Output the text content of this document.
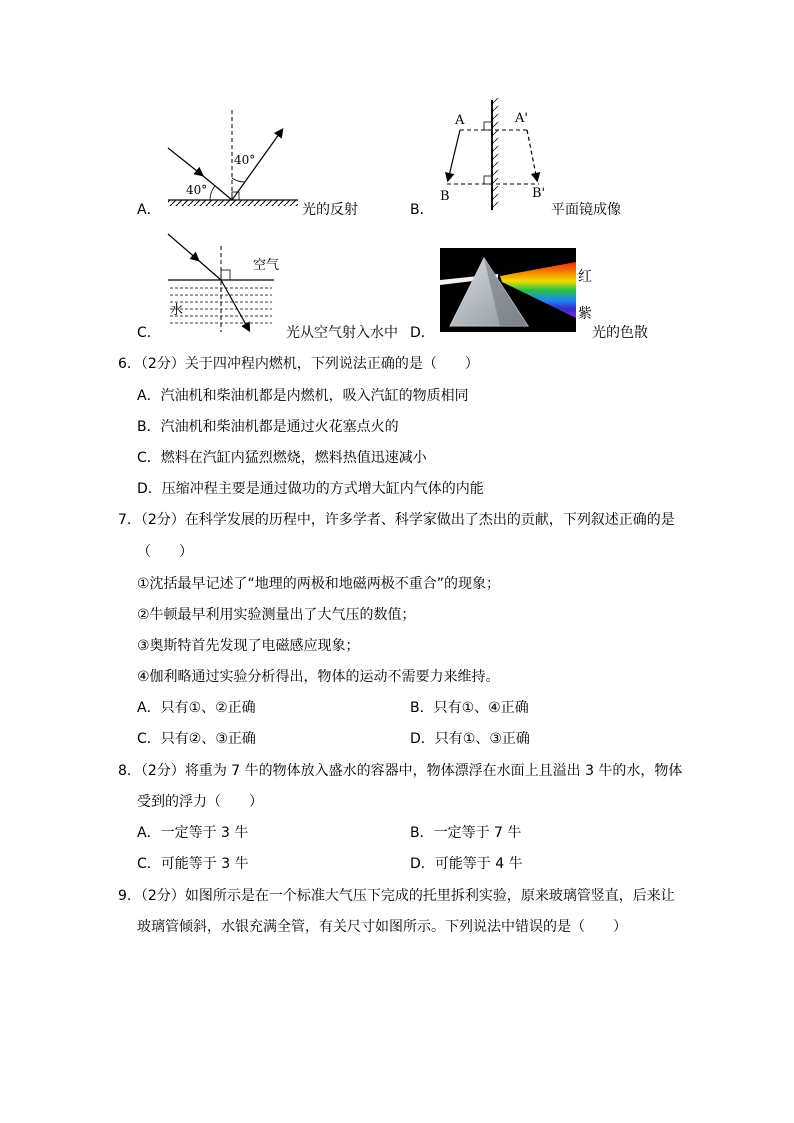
A．
40°
40°
光的反射	B．
A	A'
B	B'
平面镜成像
C．
空气
水
光从空气射入水中 D．
红
紫
光的色散
6．（2分）关于四冲程内燃机，下列说法正确的是（　　）
A．汽油机和柴油机都是内燃机，吸入汽缸的物质相同
B．汽油机和柴油机都是通过火花塞点火的
C．燃料在汽缸内猛烈燃烧，燃料热值迅速减小
D．压缩冲程主要是通过做功的方式增大缸内气体的内能
7．（2分）在科学发展的历程中，许多学者、科学家做出了杰出的贡献，下列叙述正确的是
（　　）
①沈括最早记述了“地理的两极和地磁两极不重合”的现象；
②牛顿最早利用实验测量出了大气压的数值；
③奥斯特首先发现了电磁感应现象；
④伽利略通过实验分析得出，物体的运动不需要力来维持。
A．只有①、②正确	B．只有①、④正确
C．只有②、③正确	D．只有①、③正确
8．（2分）将重为 7 牛的物体放入盛水的容器中，物体漂浮在水面上且溢出 3 牛的水，物体
受到的浮力（　　）
A．一定等于 3 牛	B．一定等于 7 牛
C．可能等于 3 牛	D．可能等于 4 牛
9．（2分）如图所示是在一个标准大气压下完成的托里拆利实验，原来玻璃管竖直，后来让
玻璃管倾斜，水银充满全管，有关尺寸如图所示。下列说法中错误的是（　　）
